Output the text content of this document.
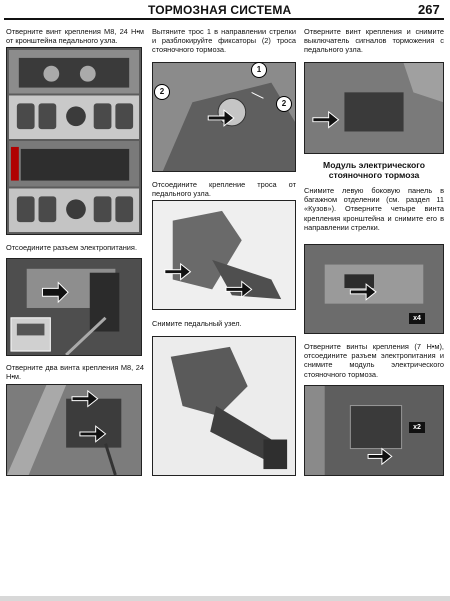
ТОРМОЗНАЯ СИСТЕМА	267
Отверните винт крепления М8, 24 Н•м от кронштейна педального узла.
Отсоедините разъем электропитания.
Отверните два винта крепления М8, 24 Н•м.
Вытяните трос 1 в направлении стрелки и разблокируйте фиксаторы (2) троса стояночного тормоза.
1
2
2
Отсоедините крепление троса от педального узла.
Снимите педальный узел.
Отверните винт крепления и снимите выключатель сигналов торможения с педального узла.
Модуль электрического стояночного тормоза
Снимите левую боковую панель в багажном отделении (см. раздел 11 «Кузов»). Отверните четыре винта крепления кронштейна и снимите его в направлении стрелки.
x4
Отверните винты крепления (7 Н•м), отсоедините разъем электропитания и снимите модуль электрического стояночного тормоза.
x2
